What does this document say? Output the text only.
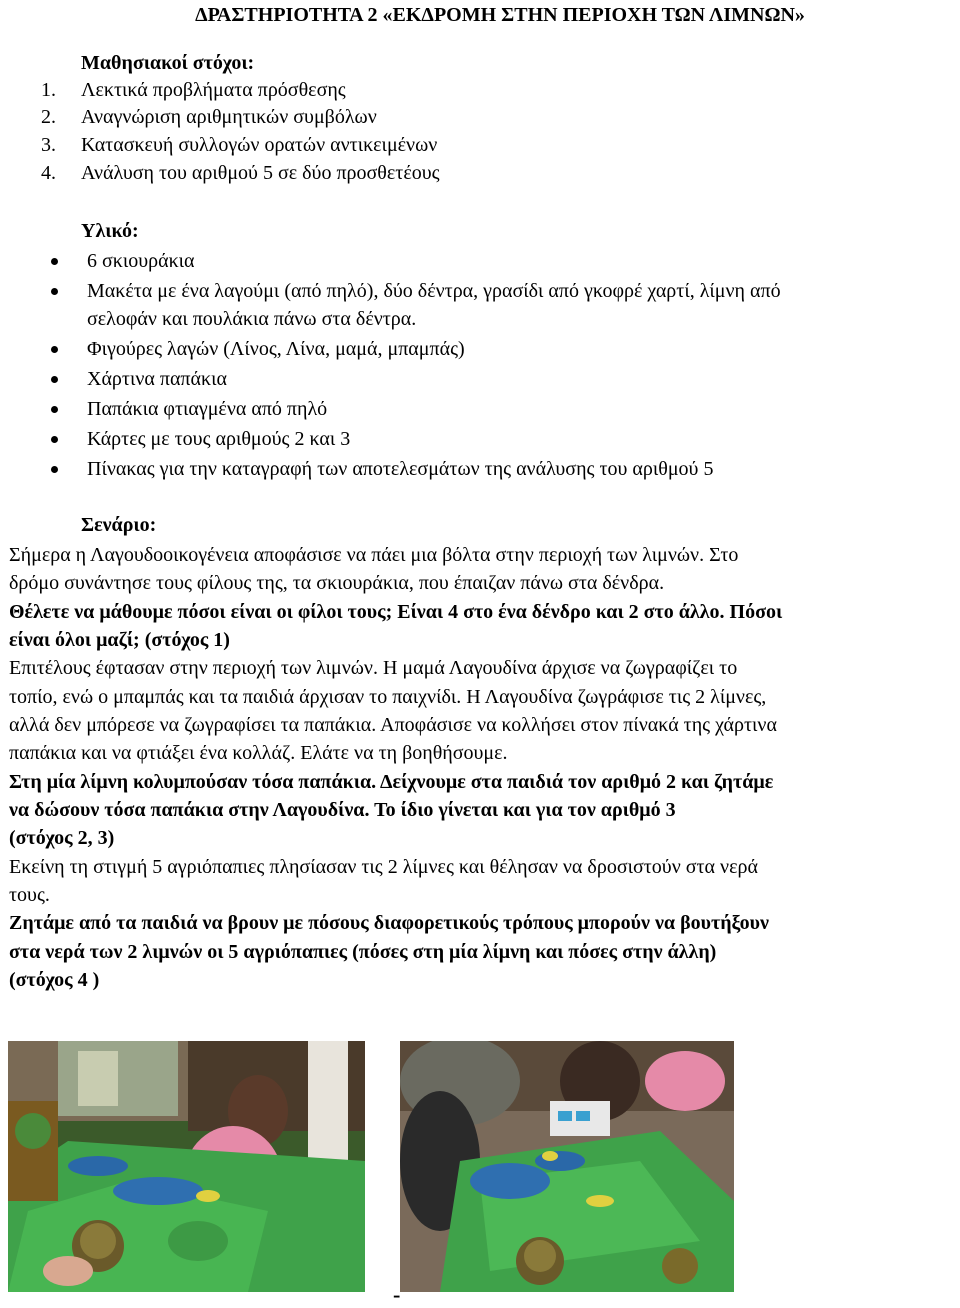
ΔΡΑΣΤΗΡΙΟΤΗΤΑ 2 «ΕΚΔΡΟΜΗ ΣΤΗΝ ΠΕΡΙΟΧΗ ΤΩΝ ΛΙΜΝΩΝ»
Μαθησιακοί στόχοι:
1. Λεκτικά προβλήματα πρόσθεσης
2. Αναγνώριση αριθμητικών συμβόλων
3. Κατασκευή συλλογών ορατών αντικειμένων
4. Ανάλυση του αριθμού 5 σε δύο προσθετέους
Υλικό:
6 σκιουράκια
Μακέτα με ένα λαγούμι (από πηλό), δύο δέντρα, γρασίδι από γκοφρέ χαρτί, λίμνη από
σελοφάν και πουλάκια πάνω στα δέντρα.
Φιγούρες λαγών (Λίνος, Λίνα, μαμά, μπαμπάς)
Χάρτινα παπάκια
Παπάκια φτιαγμένα από πηλό
Κάρτες με τους αριθμούς 2 και 3
Πίνακας για την καταγραφή των αποτελεσμάτων της ανάλυσης του αριθμού 5
Σενάριο:
Σήμερα η Λαγουδοοικογένεια αποφάσισε να πάει μια βόλτα στην περιοχή των λιμνών. Στο
δρόμο συνάντησε τους φίλους της, τα σκιουράκια, που έπαιζαν πάνω στα δένδρα.
Θέλετε να μάθουμε πόσοι είναι οι φίλοι τους; Είναι 4 στο ένα δένδρο και 2 στο άλλο. Πόσοι
είναι όλοι μαζί; (στόχος 1)
Επιτέλους έφτασαν στην περιοχή των λιμνών. Η μαμά Λαγουδίνα άρχισε να ζωγραφίζει το
τοπίο, ενώ ο μπαμπάς και τα παιδιά άρχισαν το παιχνίδι. Η Λαγουδίνα ζωγράφισε τις 2 λίμνες,
αλλά δεν μπόρεσε να ζωγραφίσει τα παπάκια. Αποφάσισε να κολλήσει στον πίνακά της χάρτινα
παπάκια και να φτιάξει ένα κολλάζ. Ελάτε να τη βοηθήσουμε.
Στη μία λίμνη κολυμπούσαν τόσα παπάκια. Δείχνουμε στα παιδιά τον αριθμό 2 και ζητάμε
να δώσουν τόσα παπάκια στην Λαγουδίνα. Το ίδιο γίνεται και για τον αριθμό 3
(στόχος 2, 3)
Εκείνη τη στιγμή 5 αγριόπαπιες πλησίασαν τις 2 λίμνες και θέλησαν να δροσιστούν στα νερά
τους.
Ζητάμε από τα παιδιά να βρουν με πόσους διαφορετικούς τρόπους μπορούν να βουτήξουν
στα νερά των 2 λιμνών οι 5 αγριόπαπιες (πόσες στη μία λίμνη και πόσες στην άλλη)
(στόχος 4 )
-
